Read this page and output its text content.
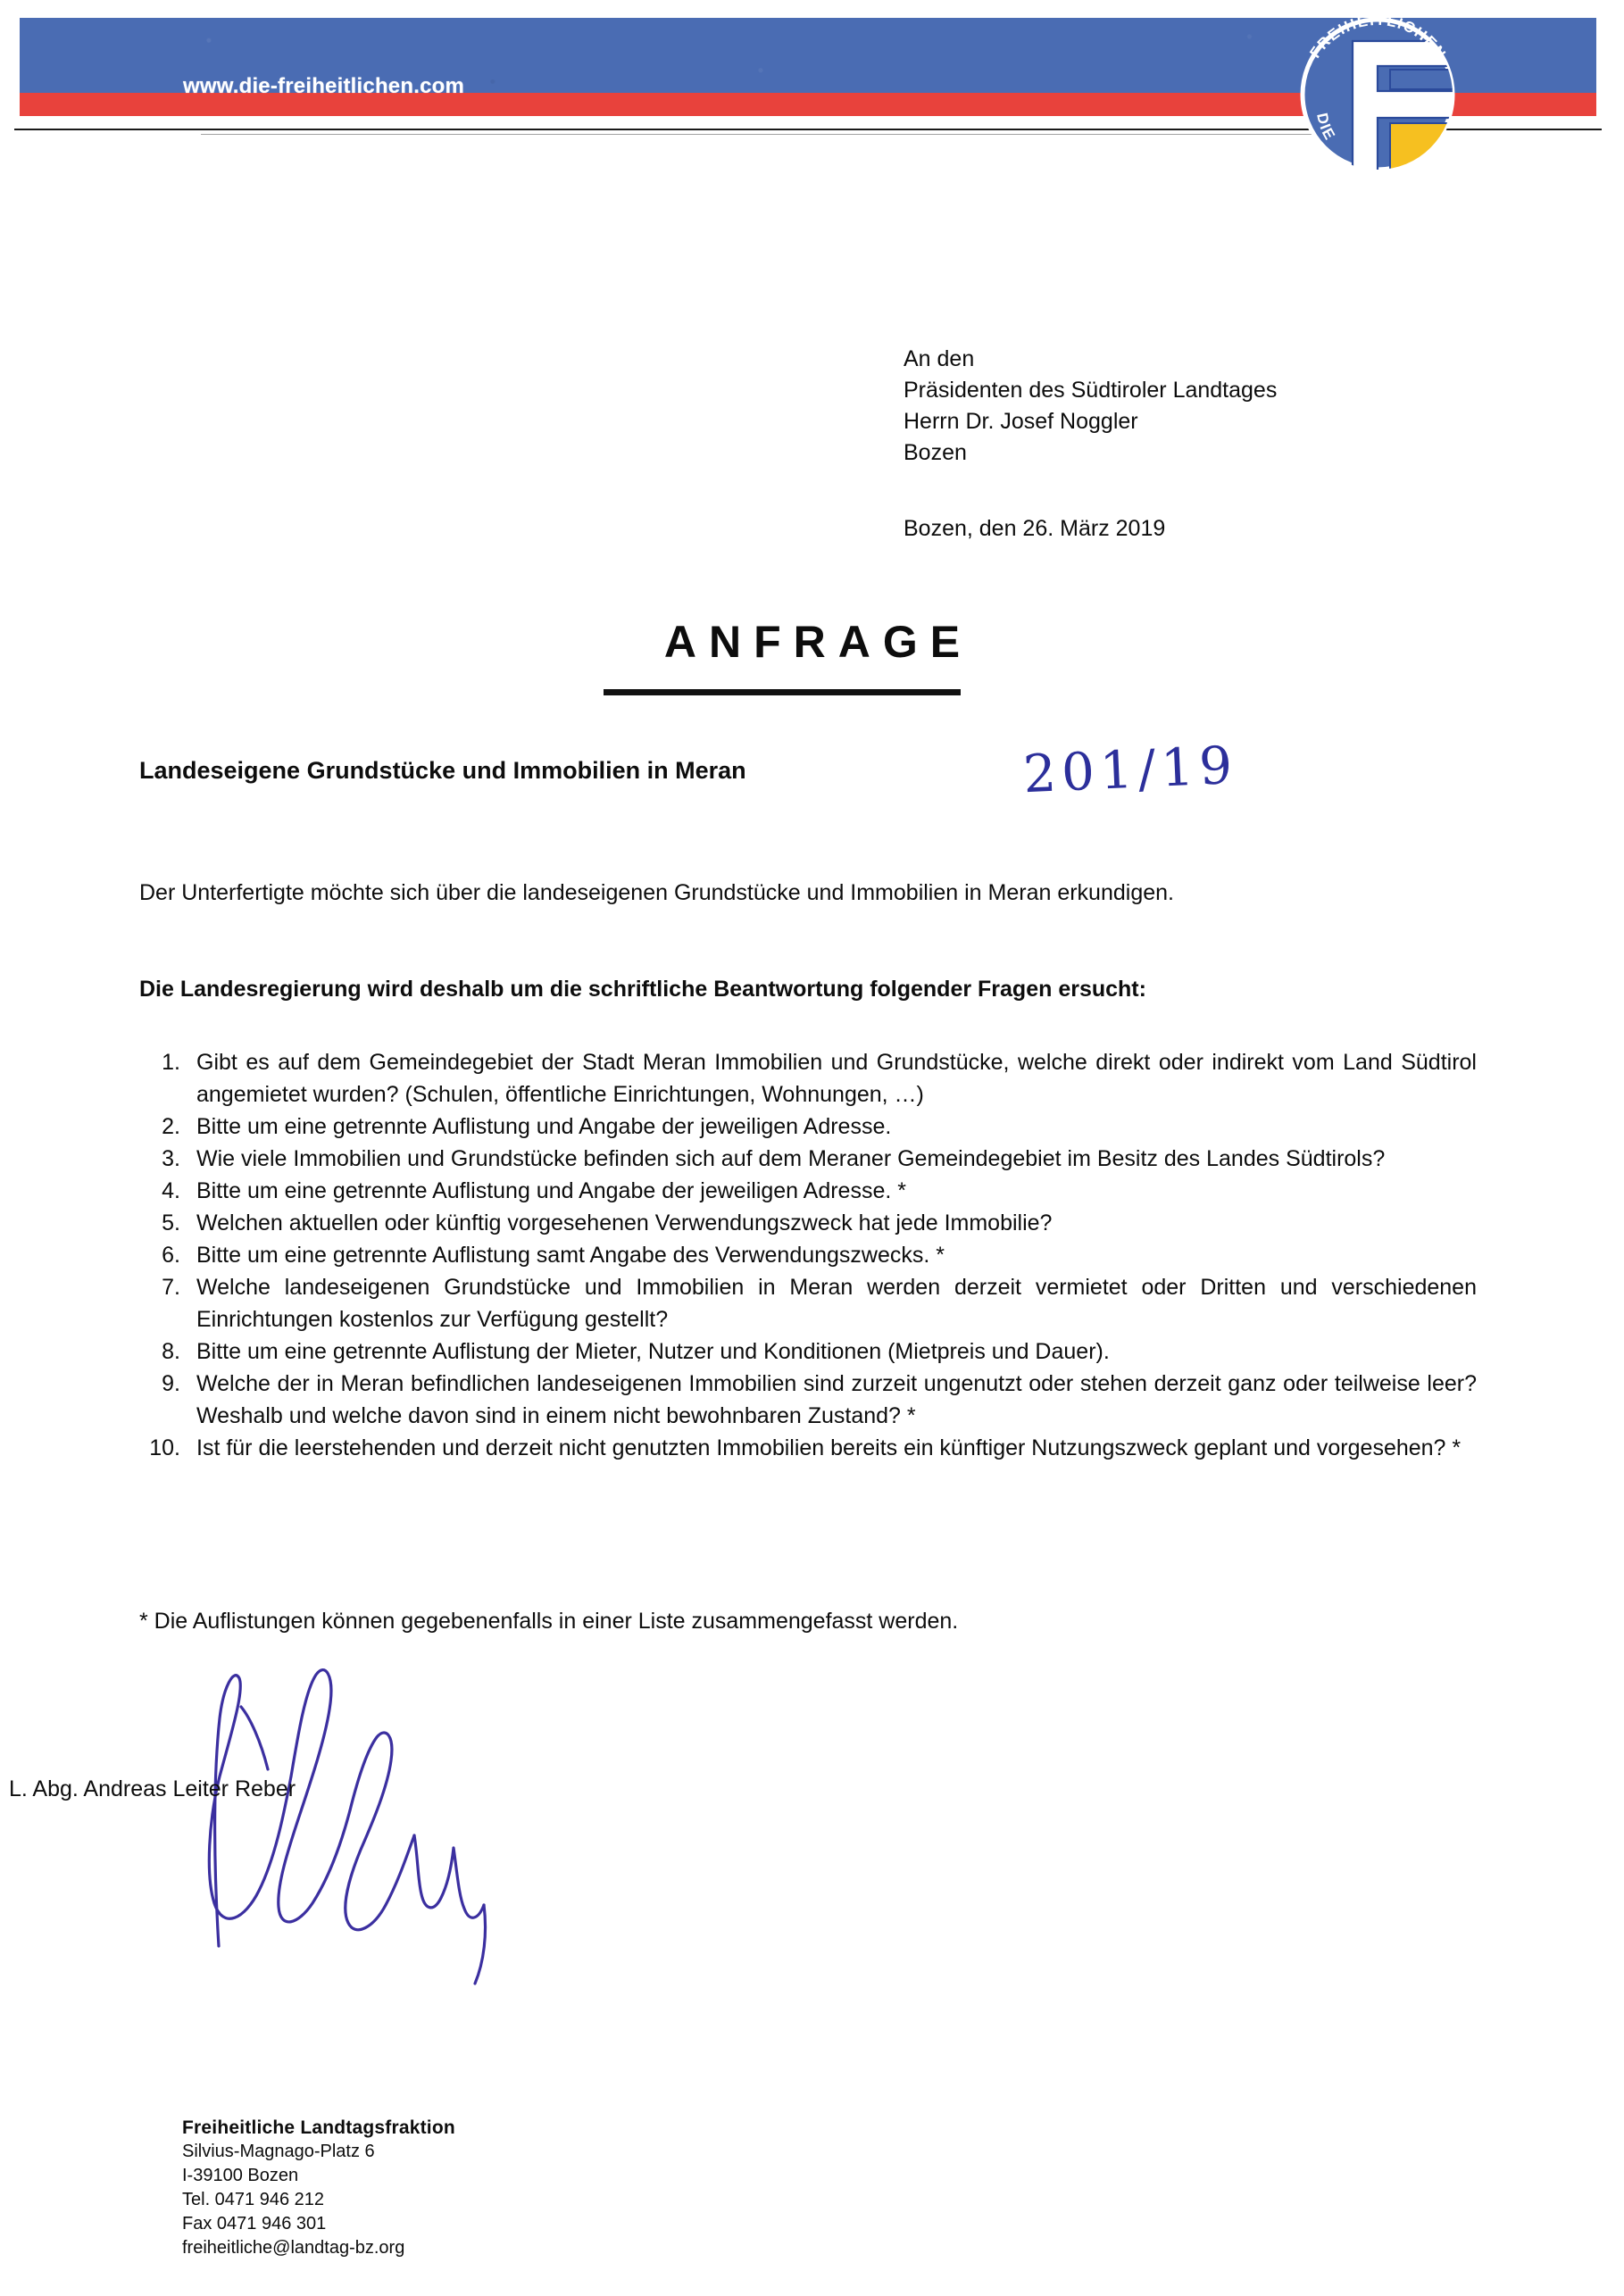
www.die-freiheitlichen.com
FREIHEITLICHEN
DIE
An den
Präsidenten des Südtiroler Landtages
Herrn Dr. Josef Noggler
Bozen
Bozen, den 26. März 2019
ANFRAGE
Landeseigene Grundstücke und Immobilien in Meran	201/19
Der Unterfertigte möchte sich über die landeseigenen Grundstücke und Immobilien in Meran erkundigen.
Die Landesregierung wird deshalb um die schriftliche Beantwortung folgender Fragen ersucht:
1. Gibt es auf dem Gemeindegebiet der Stadt Meran Immobilien und Grundstücke, welche direkt oder indirekt vom Land Südtirol angemietet wurden? (Schulen, öffentliche Einrichtungen, Wohnungen, …)
2. Bitte um eine getrennte Auflistung und Angabe der jeweiligen Adresse.
3. Wie viele Immobilien und Grundstücke befinden sich auf dem Meraner Gemeindegebiet im Besitz des Landes Südtirols?
4. Bitte um eine getrennte Auflistung und Angabe der jeweiligen Adresse. *
5. Welchen aktuellen oder künftig vorgesehenen Verwendungszweck hat jede Immobilie?
6. Bitte um eine getrennte Auflistung samt Angabe des Verwendungszwecks. *
7. Welche landeseigenen Grundstücke und Immobilien in Meran werden derzeit vermietet oder Dritten und verschiedenen Einrichtungen kostenlos zur Verfügung gestellt?
8. Bitte um eine getrennte Auflistung der Mieter, Nutzer und Konditionen (Mietpreis und Dauer).
9. Welche der in Meran befindlichen landeseigenen Immobilien sind zurzeit ungenutzt oder stehen derzeit ganz oder teilweise leer? Weshalb und welche davon sind in einem nicht bewohnbaren Zustand? *
10. Ist für die leerstehenden und derzeit nicht genutzten Immobilien bereits ein künftiger Nutzungszweck geplant und vorgesehen? *
* Die Auflistungen können gegebenenfalls in einer Liste zusammengefasst werden.
L. Abg. Andreas Leiter Reber
Freiheitliche Landtagsfraktion
Silvius-Magnago-Platz 6
I-39100 Bozen
Tel. 0471 946 212
Fax 0471 946 301
freiheitliche@landtag-bz.org
